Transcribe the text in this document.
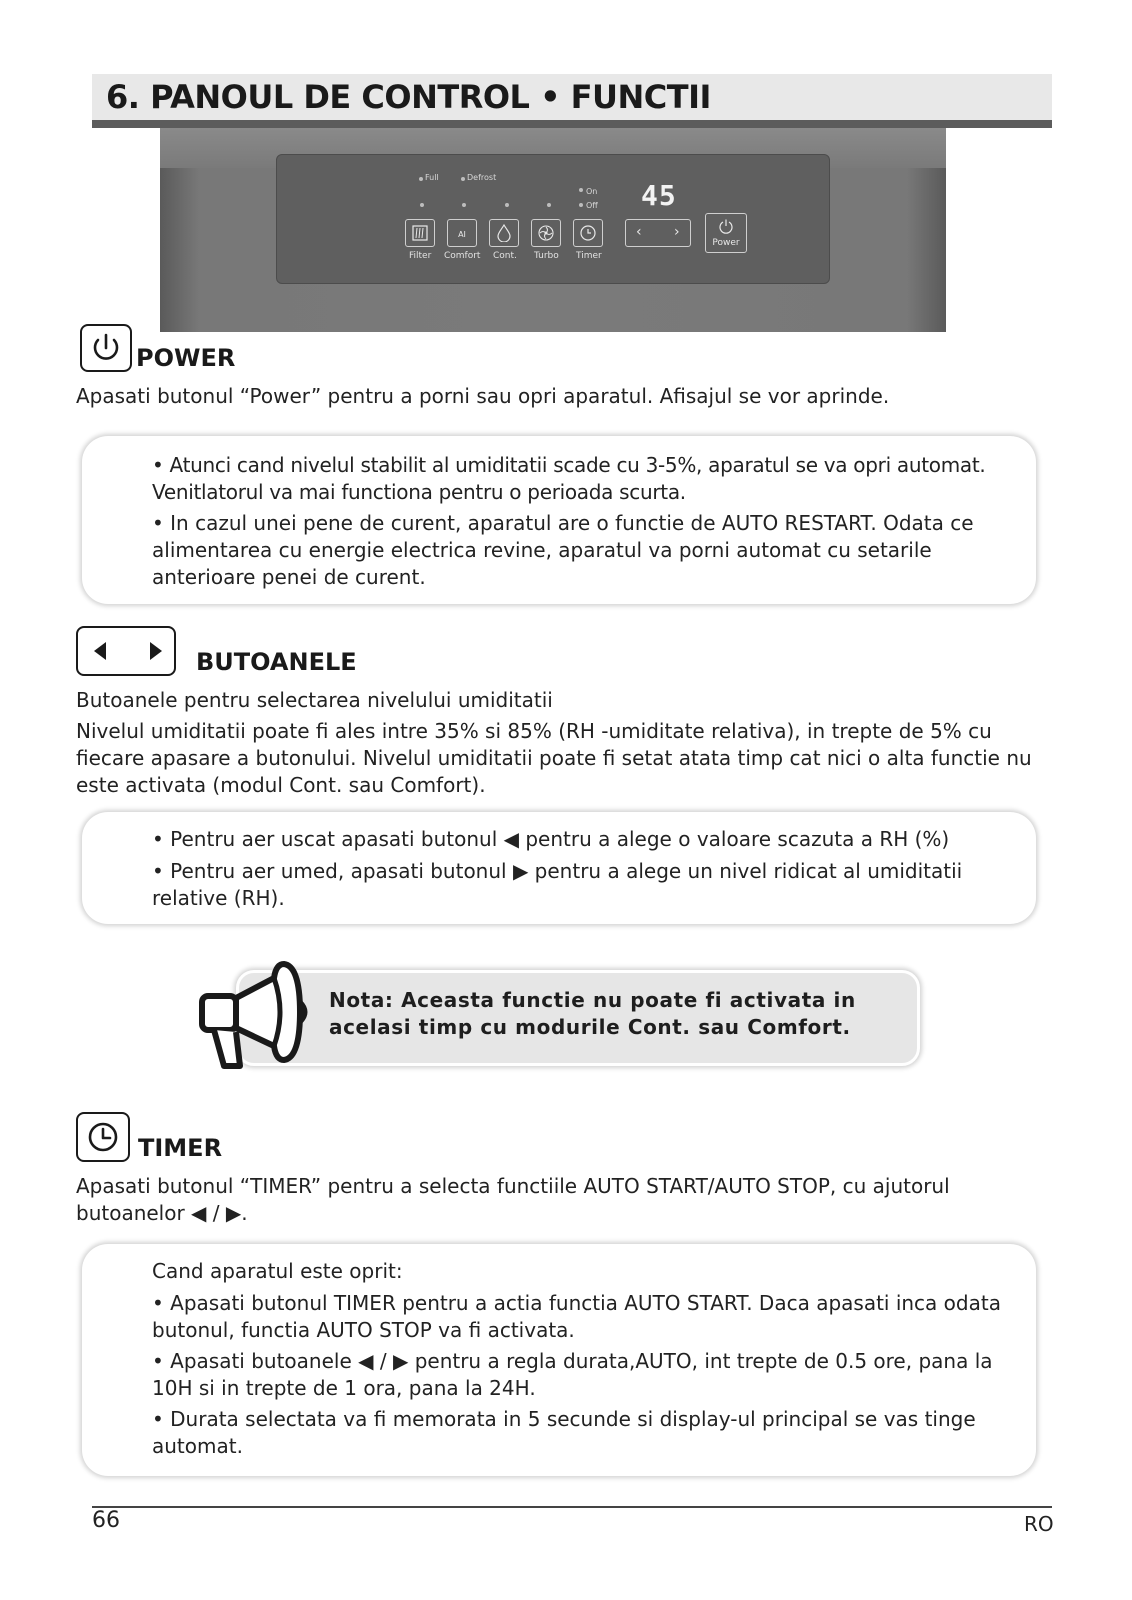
6. PANOUL DE CONTROL • FUNCTII
Full	Defrost
On
Off 45
AI
Filter Comfort Cont. Turbo Timer
‹ ›
Power
POWER
Apasati butonul “Power” pentru a porni sau opri aparatul. Afisajul se vor aprinde.

• Atunci cand nivelul stabilit al umiditatii scade cu 3-5%, aparatul se va opri automat. Venitlatorul va mai functiona pentru o perioada scurta.

• In cazul unei pene de curent, aparatul are o functie de AUTO RESTART. Odata ce alimentarea cu energie electrica revine, aparatul va porni automat cu setarile anterioare penei de curent.

BUTOANELE
Butoanele pentru selectarea nivelului umiditatii
Nivelul umiditatii poate fi ales intre 35% si 85% (RH -umiditate relativa), in trepte de 5% cu fiecare apasare a butonului. Nivelul umiditatii poate fi setat atata timp cat nici o alta functie nu este activata (modul Cont. sau Comfort).

• Pentru aer uscat apasati butonul ◀ pentru a alege o valoare scazuta a RH (%)

• Pentru aer umed, apasati butonul ▶ pentru a alege un nivel ridicat al umiditatii relative (RH).

Nota: Aceasta functie nu poate fi activata in acelasi timp cu modurile Cont. sau Comfort.

TIMER
Apasati butonul “TIMER” pentru a selecta functiile AUTO START/AUTO STOP, cu ajutorul butoanelor ◀ / ▶.

Cand aparatul este oprit:

• Apasati butonul TIMER pentru a actia functia AUTO START. Daca apasati inca odata butonul, functia AUTO STOP va fi activata.

• Apasati butoanele ◀ / ▶ pentru a regla durata,AUTO, int trepte de 0.5 ore, pana la 10H si in trepte de 1 ora, pana la 24H.

• Durata selectata va fi memorata in 5 secunde si display-ul principal se vas tinge automat.

66	RO
